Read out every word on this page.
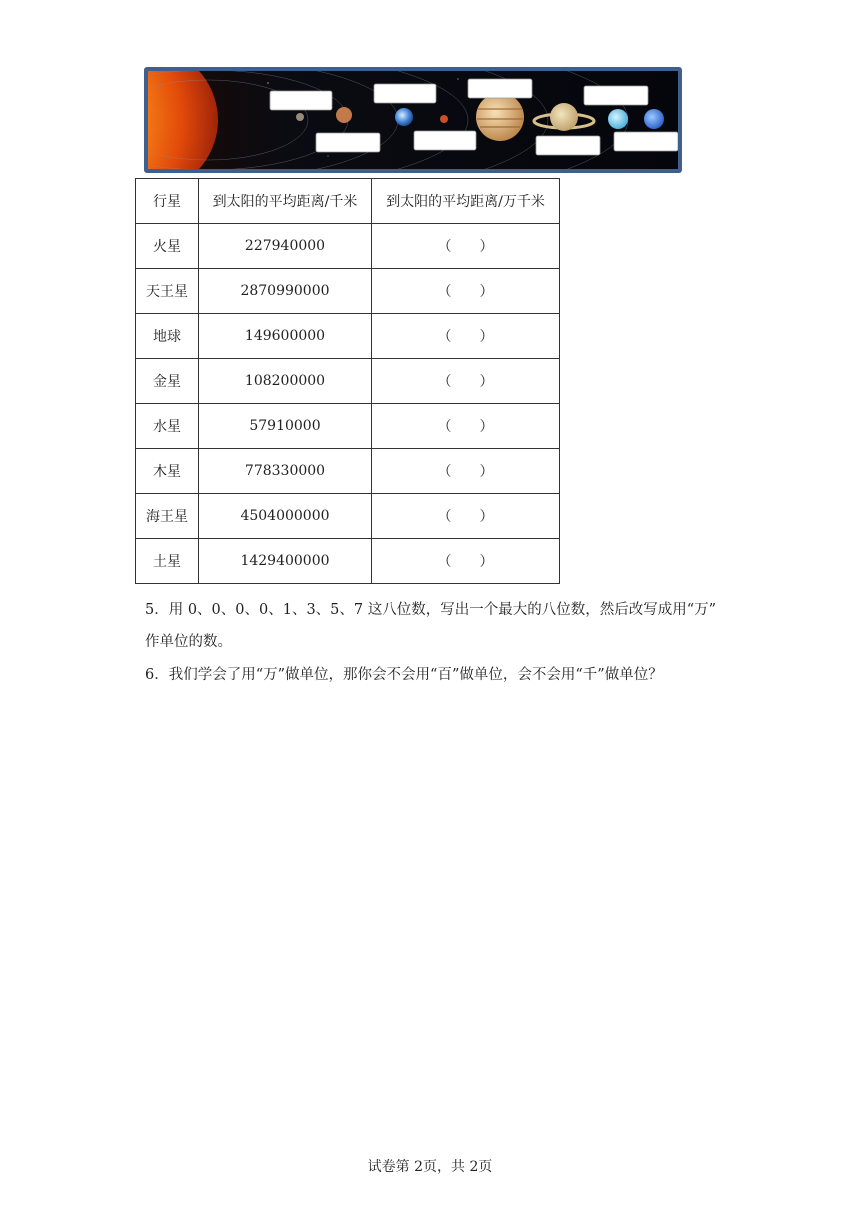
行星	到太阳的平均距离/千米	到太阳的平均距离/万千米
火星	227940000	（　　）
天王星	2870990000	（　　）
地球	149600000	（　　）
金星	108200000	（　　）
水星	57910000	（　　）
木星	778330000	（　　）
海王星	4504000000	（　　）
土星	1429400000	（　　）
5．用 0、0、0、0、1、3、5、7 这八位数，写出一个最大的八位数，然后改写成用“万”
作单位的数。
6．我们学会了用“万”做单位，那你会不会用“百”做单位，会不会用“千”做单位？
试卷第 2页，共 2页
